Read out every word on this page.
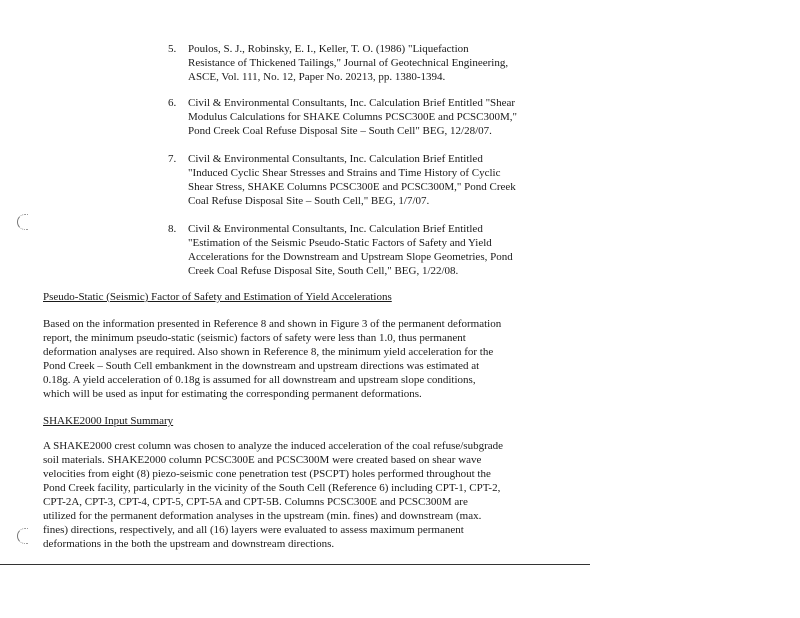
5. Poulos, S. J., Robinsky, E. I., Keller, T. O. (1986) "Liquefaction
Resistance of Thickened Tailings," Journal of Geotechnical Engineering,
ASCE, Vol. 111, No. 12, Paper No. 20213, pp. 1380-1394.
6. Civil & Environmental Consultants, Inc. Calculation Brief Entitled "Shear
Modulus Calculations for SHAKE Columns PCSC300E and PCSC300M,"
Pond Creek Coal Refuse Disposal Site – South Cell" BEG, 12/28/07.
7. Civil & Environmental Consultants, Inc. Calculation Brief Entitled
"Induced Cyclic Shear Stresses and Strains and Time History of Cyclic
Shear Stress, SHAKE Columns PCSC300E and PCSC300M," Pond Creek
Coal Refuse Disposal Site – South Cell," BEG, 1/7/07.
8. Civil & Environmental Consultants, Inc. Calculation Brief Entitled
"Estimation of the Seismic Pseudo-Static Factors of Safety and Yield
Accelerations for the Downstream and Upstream Slope Geometries, Pond
Creek Coal Refuse Disposal Site, South Cell," BEG, 1/22/08.
Pseudo-Static (Seismic) Factor of Safety and Estimation of Yield Accelerations
Based on the information presented in Reference 8 and shown in Figure 3 of the permanent deformation
report, the minimum pseudo-static (seismic) factors of safety were less than 1.0, thus permanent
deformation analyses are required. Also shown in Reference 8, the minimum yield acceleration for the
Pond Creek – South Cell embankment in the downstream and upstream directions was estimated at
0.18g. A yield acceleration of 0.18g is assumed for all downstream and upstream slope conditions,
which will be used as input for estimating the corresponding permanent deformations.
SHAKE2000 Input Summary
A SHAKE2000 crest column was chosen to analyze the induced acceleration of the coal refuse/subgrade
soil materials. SHAKE2000 column PCSC300E and PCSC300M were created based on shear wave
velocities from eight (8) piezo-seismic cone penetration test (PSCPT) holes performed throughout the
Pond Creek facility, particularly in the vicinity of the South Cell (Reference 6) including CPT-1, CPT-2,
CPT-2A, CPT-3, CPT-4, CPT-5, CPT-5A and CPT-5B. Columns PCSC300E and PCSC300M are
utilized for the permanent deformation analyses in the upstream (min. fines) and downstream (max.
fines) directions, respectively, and all (16) layers were evaluated to assess maximum permanent
deformations in the both the upstream and downstream directions.
